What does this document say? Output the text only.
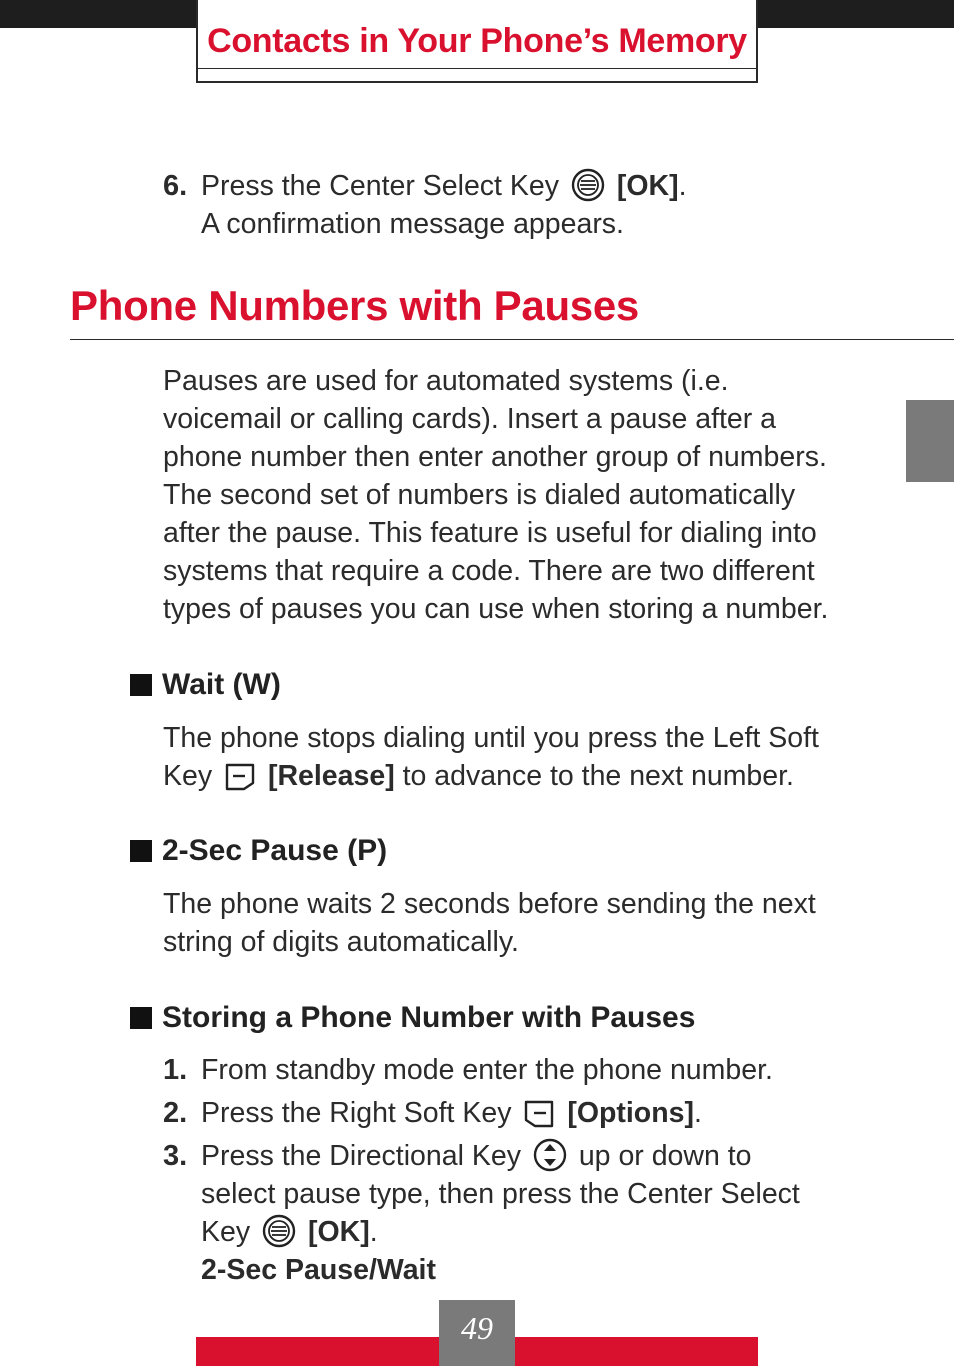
Contacts in Your Phone’s Memory
6. Press the Center Select Key [OK].
A confirmation message appears.
Phone Numbers with Pauses
Pauses are used for automated systems (i.e.
voicemail or calling cards). Insert a pause after a
phone number then enter another group of numbers.
The second set of numbers is dialed automatically
after the pause. This feature is useful for dialing into
systems that require a code. There are two different
types of pauses you can use when storing a number.
Wait (W)
The phone stops dialing until you press the Left Soft
Key [Release] to advance to the next number.
2-Sec Pause (P)
The phone waits 2 seconds before sending the next
string of digits automatically.
Storing a Phone Number with Pauses
1. From standby mode enter the phone number.
2. Press the Right Soft Key [Options].
3. Press the Directional Key  up or down to
select pause type, then press the Center Select
Key [OK].
2-Sec Pause/Wait
49
